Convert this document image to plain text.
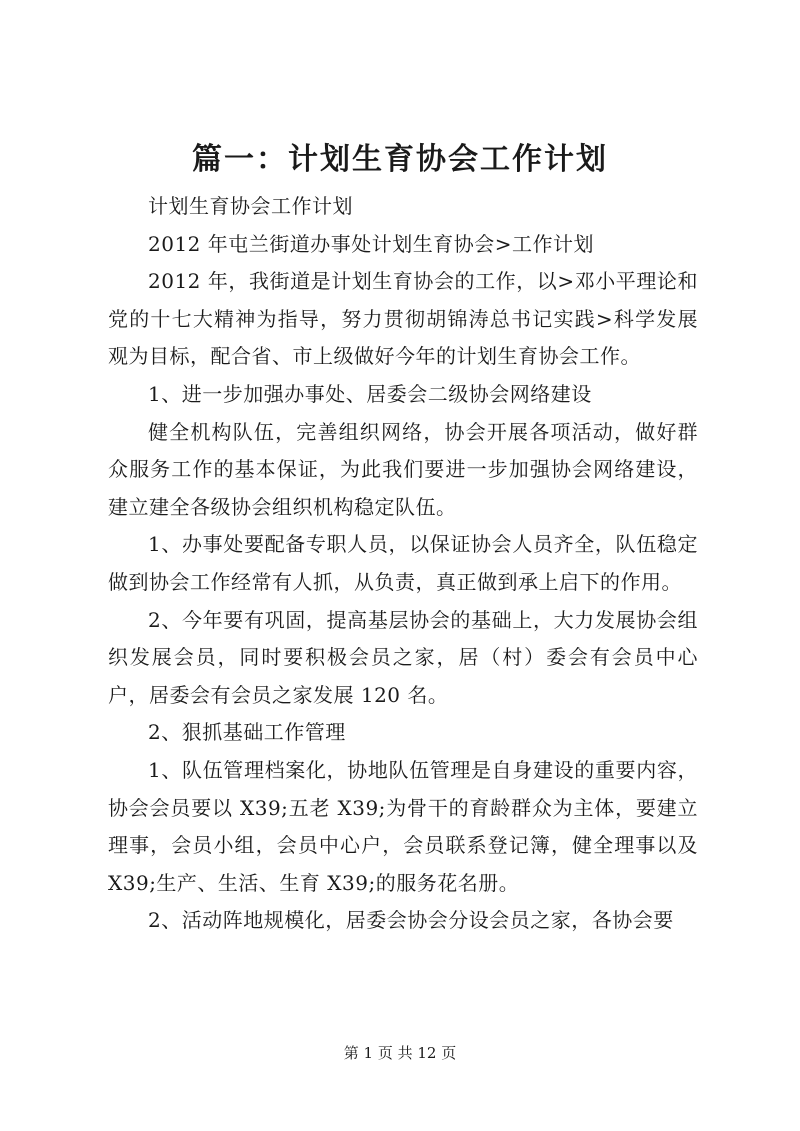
篇一：计划生育协会工作计划

计划生育协会工作计划

2012 年屯兰街道办事处计划生育协会>工作计划

2012 年，我街道是计划生育协会的工作，以>邓小平理论和党的十七大精神为指导，努力贯彻胡锦涛总书记实践>科学发展观为目标，配合省、市上级做好今年的计划生育协会工作。

1、进一步加强办事处、居委会二级协会网络建设

健全机构队伍，完善组织网络，协会开展各项活动，做好群众服务工作的基本保证，为此我们要进一步加强协会网络建设，建立建全各级协会组织机构稳定队伍。

1、办事处要配备专职人员，以保证协会人员齐全，队伍稳定做到协会工作经常有人抓，从负责，真正做到承上启下的作用。

2、今年要有巩固，提高基层协会的基础上，大力发展协会组织发展会员，同时要积极会员之家，居（村）委会有会员中心户，居委会有会员之家发展 120 名。

2、狠抓基础工作管理

1、队伍管理档案化，协地队伍管理是自身建设的重要内容，协会会员要以 X39;五老 X39;为骨干的育龄群众为主体，要建立理事，会员小组，会员中心户，会员联系登记簿，健全理事以及 X39;生产、生活、生育 X39;的服务花名册。

2、活动阵地规模化，居委会协会分设会员之家，各协会要

第 1 页 共 12 页
